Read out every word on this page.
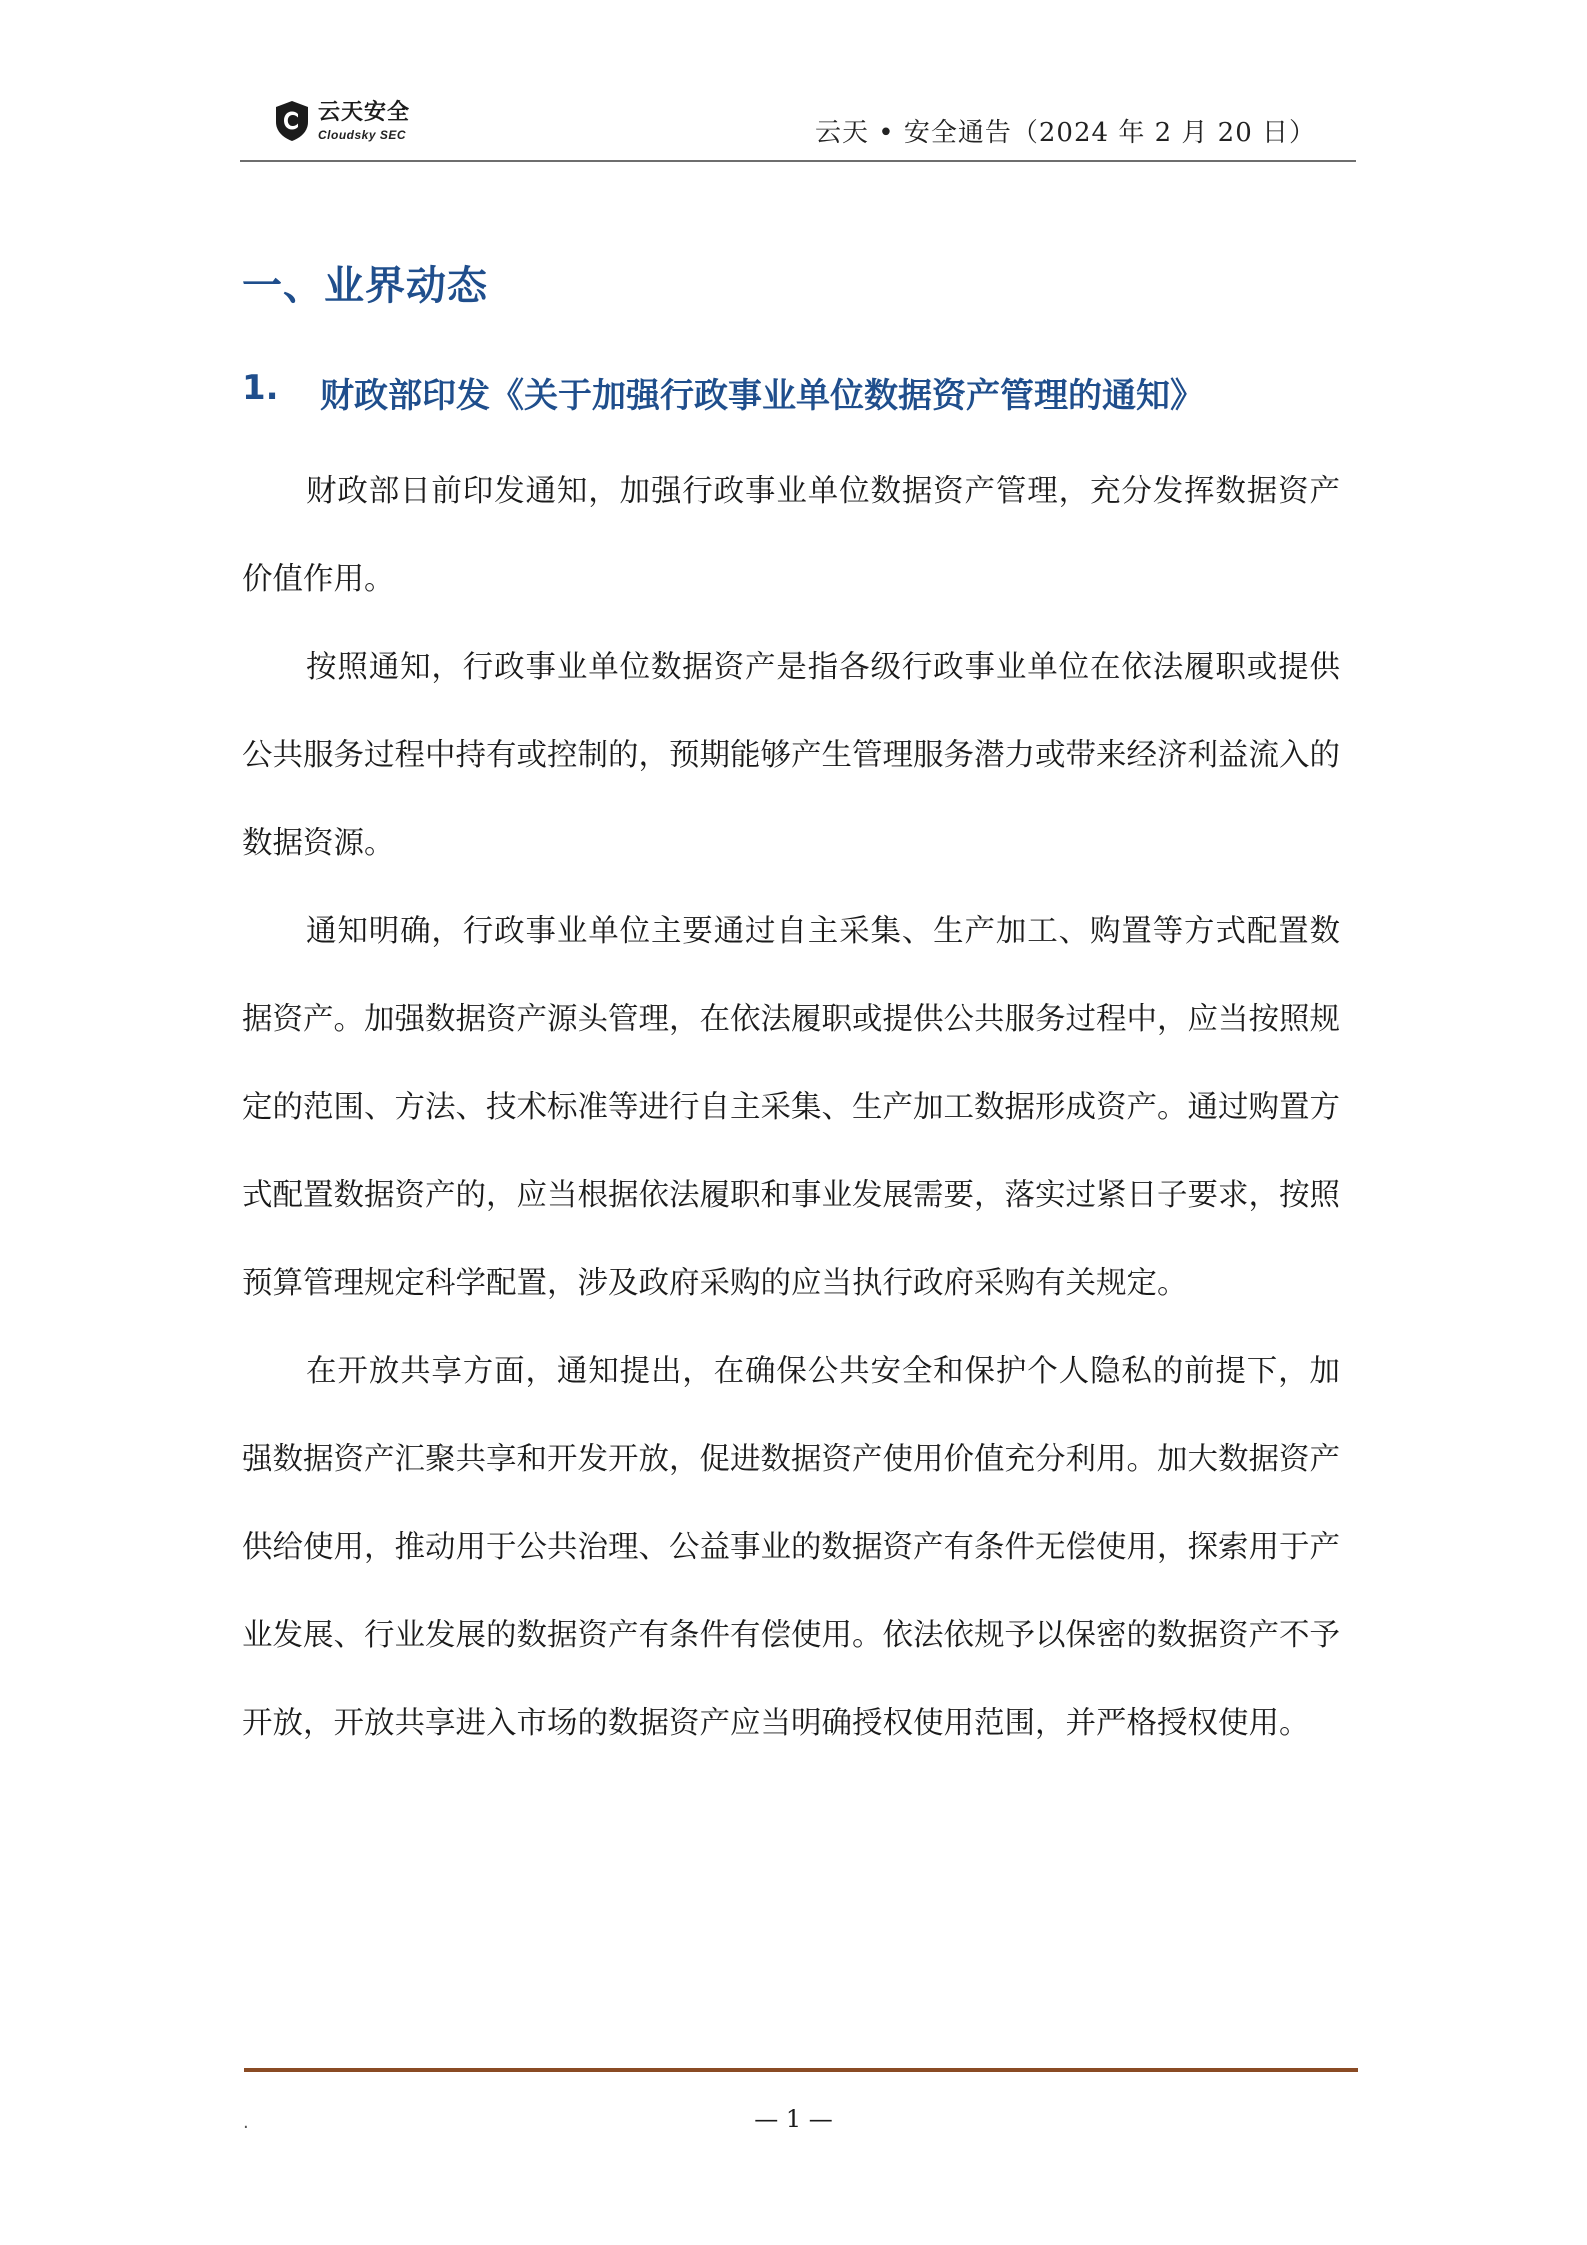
云天安全
Cloudsky SEC	云天 • 安全通告（2024 年 2 月 20 日）
一、业界动态
1.	财政部印发《关于加强行政事业单位数据资产管理的通知》

财政部日前印发通知，加强行政事业单位数据资产管理，充分发挥数据资产价值作用。

按照通知，行政事业单位数据资产是指各级行政事业单位在依法履职或提供公共服务过程中持有或控制的，预期能够产生管理服务潜力或带来经济利益流入的数据资源。

通知明确，行政事业单位主要通过自主采集、生产加工、购置等方式配置数据资产。加强数据资产源头管理，在依法履职或提供公共服务过程中，应当按照规定的范围、方法、技术标准等进行自主采集、生产加工数据形成资产。通过购置方式配置数据资产的，应当根据依法履职和事业发展需要，落实过紧日子要求，按照预算管理规定科学配置，涉及政府采购的应当执行政府采购有关规定。

在开放共享方面，通知提出，在确保公共安全和保护个人隐私的前提下，加强数据资产汇聚共享和开发开放，促进数据资产使用价值充分利用。加大数据资产供给使用，推动用于公共治理、公益事业的数据资产有条件无偿使用，探索用于产业发展、行业发展的数据资产有条件有偿使用。依法依规予以保密的数据资产不予开放，开放共享进入市场的数据资产应当明确授权使用范围，并严格授权使用。

.	— 1 —
